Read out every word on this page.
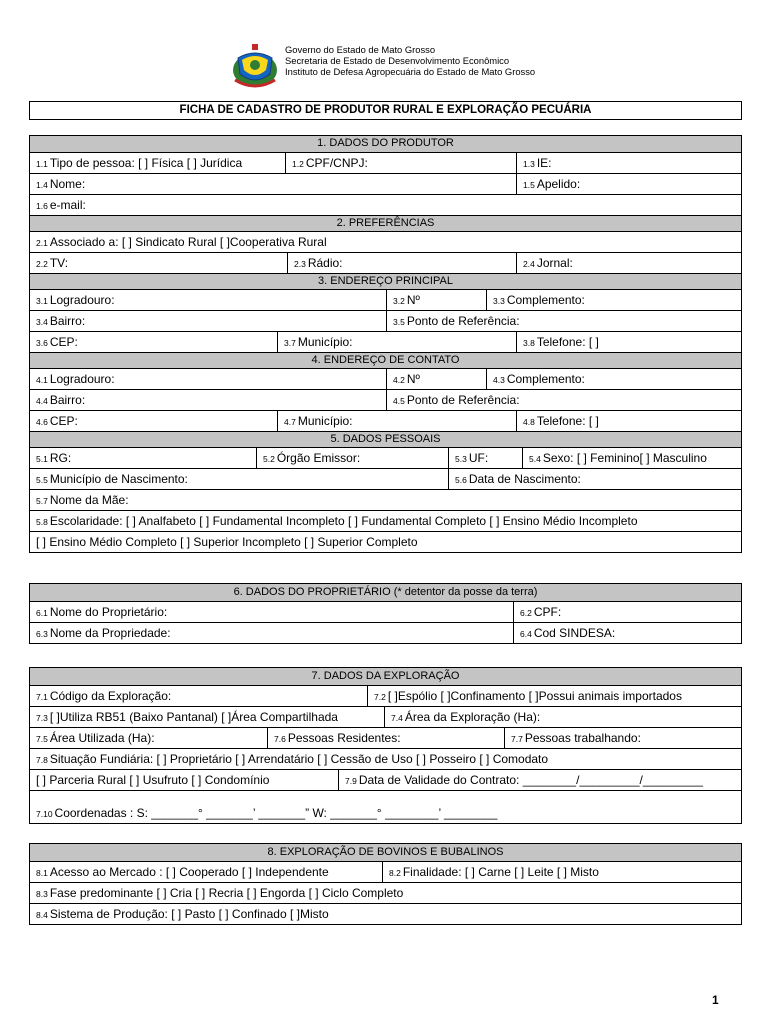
Governo do Estado de Mato Grosso
Secretaria de Estado de Desenvolvimento Econômico
Instituto de Defesa Agropecuária do Estado de Mato Grosso
FICHA DE CADASTRO DE PRODUTOR RURAL E EXPLORAÇÃO PECUÁRIA
1. DADOS DO PRODUTOR
1.1 Tipo de pessoa: [ ] Física [ ] Jurídica	1.2 CPF/CNPJ:	1.3 IE:
1.4 Nome:	1.5 Apelido:
1.6 e-mail:
2. PREFERÊNCIAS
2.1 Associado a: [ ] Sindicato Rural [ ]Cooperativa Rural
2.2 TV:	2.3 Rádio:	2.4 Jornal:
3. ENDEREÇO PRINCIPAL
3.1 Logradouro:	3.2 Nº	3.3 Complemento:
3.4 Bairro:	3.5 Ponto de Referência:
3.6 CEP:	3.7 Município:	3.8 Telefone: [ ]
4. ENDEREÇO DE CONTATO
4.1 Logradouro:	4.2 Nº	4.3 Complemento:
4.4 Bairro:	4.5 Ponto de Referência:
4.6 CEP:	4.7 Município:	4.8 Telefone: [ ]
5. DADOS PESSOAIS
5.1 RG:	5.2 Órgão Emissor:	5.3 UF:	5.4 Sexo: [ ] Feminino[ ] Masculino
5.5 Município de Nascimento:	5.6 Data de Nascimento:
5.7 Nome da Mãe:
5.8 Escolaridade: [ ] Analfabeto [ ] Fundamental Incompleto [ ] Fundamental Completo [ ] Ensino Médio Incompleto
[ ] Ensino Médio Completo [ ] Superior Incompleto [ ] Superior Completo
6. DADOS DO PROPRIETÁRIO (* detentor da posse da terra)
6.1 Nome do Proprietário:	6.2 CPF:
6.3 Nome da Propriedade:	6.4 Cod SINDESA:
7. DADOS DA EXPLORAÇÃO
7.1 Código da Exploração:	7.2 [ ]Espólio [ ]Confinamento [ ]Possui animais importados
7.3 [ ]Utiliza RB51 (Baixo Pantanal) [ ]Área Compartilhada	7.4 Área da Exploração (Ha):
7.5 Área Utilizada (Ha):	7.6 Pessoas Residentes:	7.7 Pessoas trabalhando:
7.8 Situação Fundiária: [ ] Proprietário [ ] Arrendatário [ ] Cessão de Uso [ ] Posseiro [ ] Comodato
[ ] Parceria Rural [ ] Usufruto [ ] Condomínio	7.9 Data de Validade do Contrato: ________/_________/_________
7.10 Coordenadas : S: _______° _______’ _______” W: _______° ________’ ________
8. EXPLORAÇÃO DE BOVINOS E BUBALINOS
8.1 Acesso ao Mercado : [ ] Cooperado [ ] Independente	8.2 Finalidade: [ ] Carne [ ] Leite [ ] Misto
8.3 Fase predominante [ ] Cria [ ] Recria [ ] Engorda [ ] Ciclo Completo
8.4 Sistema de Produção: [ ] Pasto [ ] Confinado [ ]Misto
1
